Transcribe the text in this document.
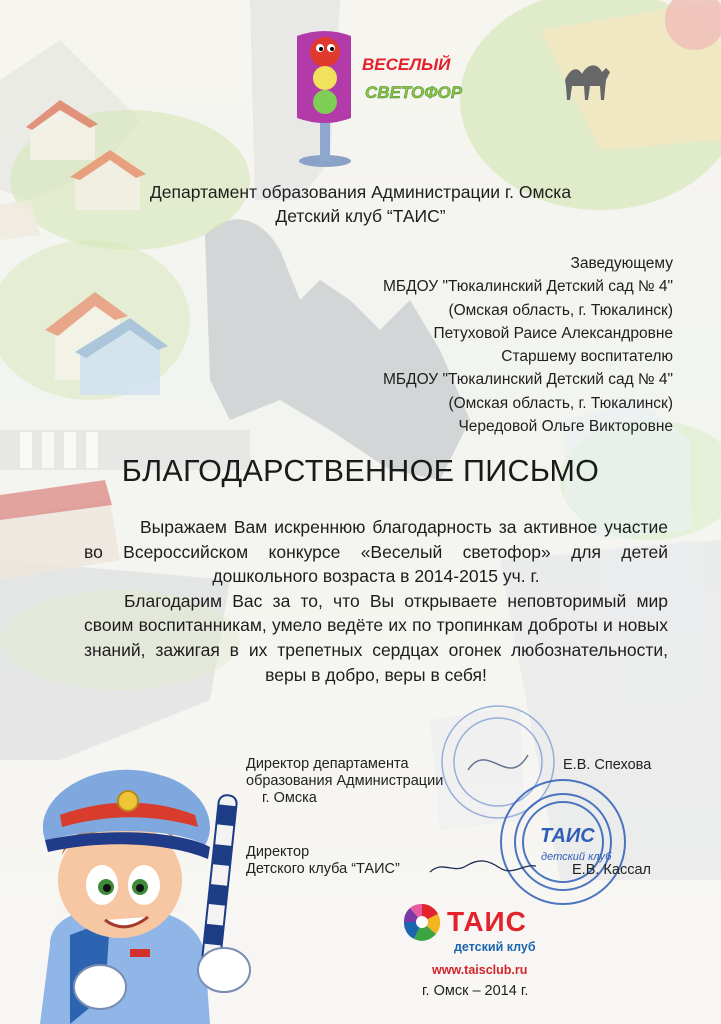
ВЕСЕЛЫЙ
СВЕТОФОР
Департамент образования Администрации г. Омска
Детский клуб “ТАИС”
Заведующему
МБДОУ "Тюкалинский Детский сад № 4"
(Омская область, г. Тюкалинск)
Петуховой Раисе Александровне
Старшему воспитателю
МБДОУ "Тюкалинский Детский сад № 4"
(Омская область, г. Тюкалинск)
Чередовой Ольге Викторовне
БЛАГОДАРСТВЕННОЕ ПИСЬМО

Выражаем Вам искреннюю благодарность за активное участие во Всероссийском конкурсе «Веселый светофор» для детей дошкольного возраста в 2014-2015 уч. г.

Благодарим Вас за то, что Вы открываете неповторимый мир своим воспитанникам, умело ведёте их по тропинкам доброты и новых знаний, зажигая в их трепетных сердцах огонек любознательности, веры в добро, веры в себя!

ТАИС
детский клуб
Директор департамента
образования Администрации
г. Омска
Е.В. Спехова
Директор
Детского клуба “ТАИС”	Е.В. Кассал
ТАИС
детский клуб
www.taisclub.ru
г. Омск – 2014 г.
